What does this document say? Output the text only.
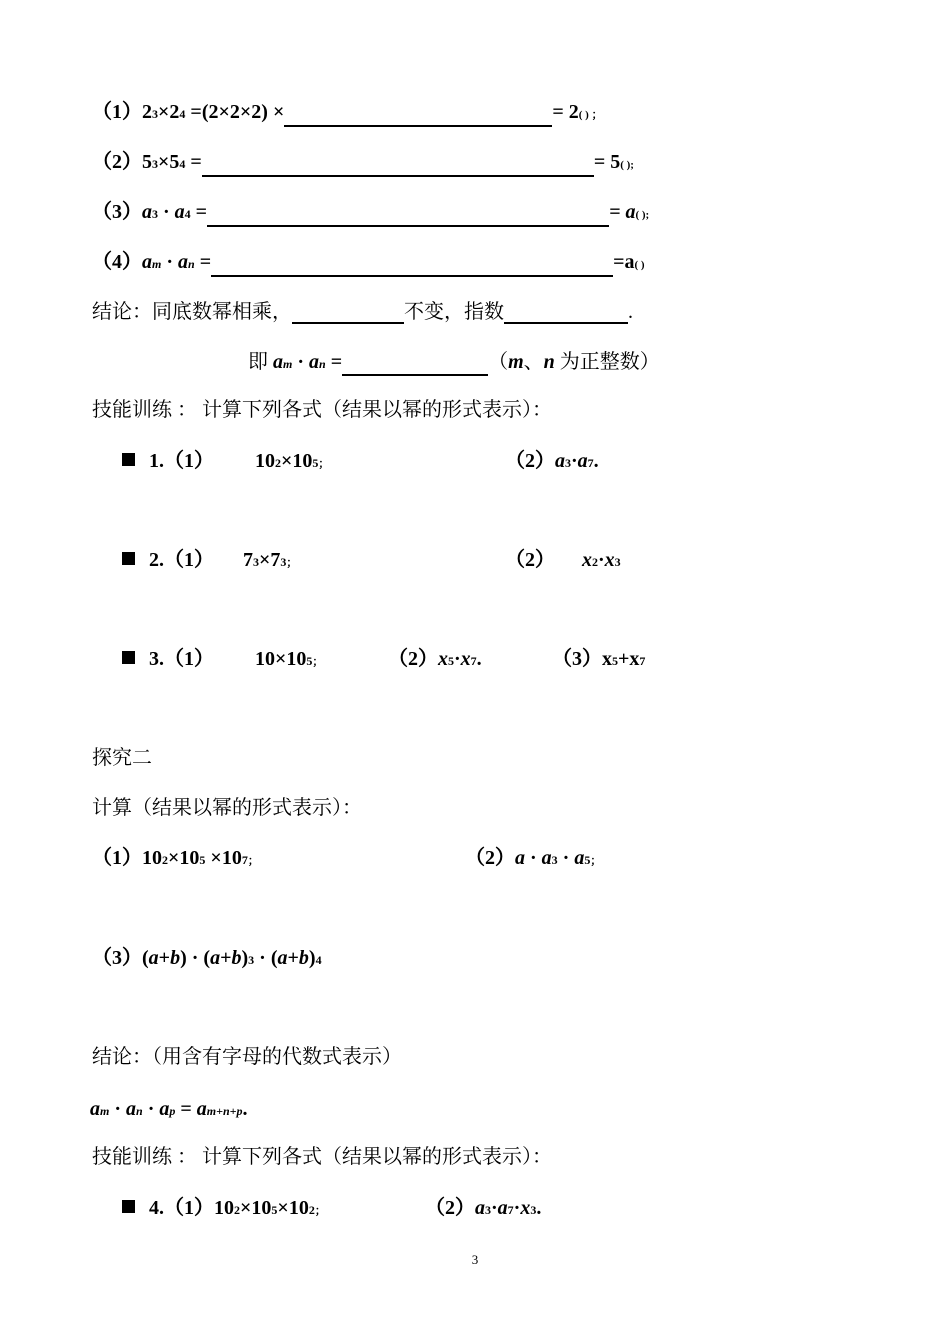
（1）23×24 =(2×2×2) ×	= 2( ) ；
（2）53×54 =	= 5( );
（3）a3 · a4 =	= a( );
（4）am · an =	=a( )
结论：同底数幂相乘，	不变，指数	.
即 am · an =	（m、n 为正整数）
技能训练 ： 计算下列各式（结果以幂的形式表示）：
1.（1） 102×105；	（2）a3·a7.
2.（1） 73×73；	（2） x2·x3
3.（1） 10×105；	（2）x5·x7.	（3）x5+x7
探究二
计算（结果以幂的形式表示）：
（1）102×105 ×107；	（2）a · a3 · a5；
（3）(a+b) · (a+b)3 · (a+b)4
结论：（用含有字母的代数式表示）
am · an · ap = am+n+p.
技能训练 ： 计算下列各式（结果以幂的形式表示）：
4.（1）102×105×102；	（2）a3·a7·x3.
3
